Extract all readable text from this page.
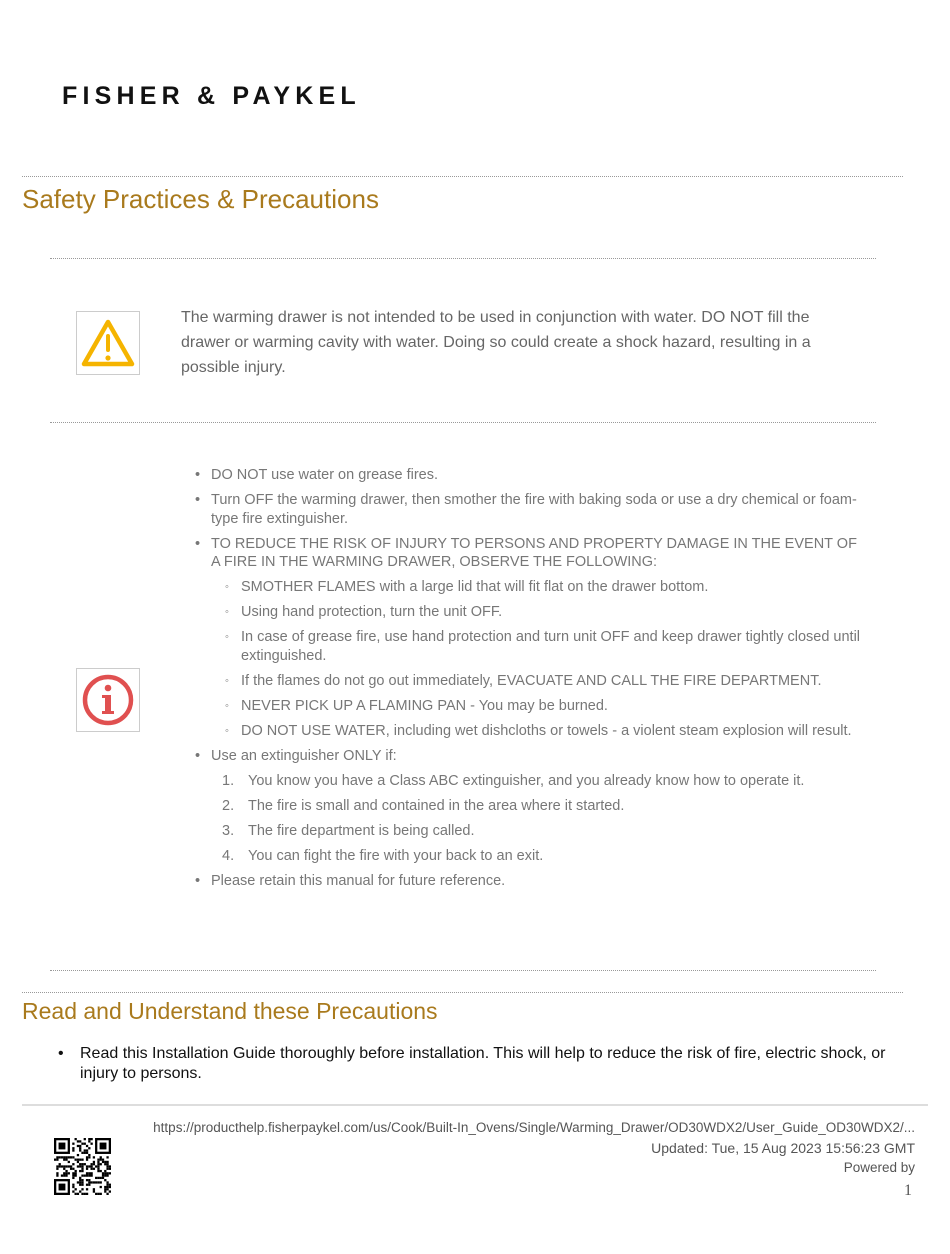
FISHER & PAYKEL
Safety Practices & Precautions
The warming drawer is not intended to be used in conjunction with water. DO NOT fill the drawer or warming cavity with water. Doing so could create a shock hazard, resulting in a possible injury.
• DO NOT use water on grease fires.
• Turn OFF the warming drawer, then smother the fire with baking soda or use a dry chemical or foam-type fire extinguisher.
• TO REDUCE THE RISK OF INJURY TO PERSONS AND PROPERTY DAMAGE IN THE EVENT OF A FIRE IN THE WARMING DRAWER, OBSERVE THE FOLLOWING:
◦ SMOTHER FLAMES with a large lid that will fit flat on the drawer bottom.
◦ Using hand protection, turn the unit OFF.
◦ In case of grease fire, use hand protection and turn unit OFF and keep drawer tightly closed until extinguished.
◦ If the flames do not go out immediately, EVACUATE AND CALL THE FIRE DEPARTMENT.
◦ NEVER PICK UP A FLAMING PAN - You may be burned.
◦ DO NOT USE WATER, including wet dishcloths or towels - a violent steam explosion will result.
• Use an extinguisher ONLY if:
1. You know you have a Class ABC extinguisher, and you already know how to operate it.
2. The fire is small and contained in the area where it started.
3. The fire department is being called.
4. You can fight the fire with your back to an exit.
• Please retain this manual for future reference.
Read and Understand these Precautions
•	Read this Installation Guide thoroughly before installation. This will help to reduce the risk of fire, electric shock, or injury to persons.
https://producthelp.fisherpaykel.com/us/Cook/Built-In_Ovens/Single/Warming_Drawer/OD30WDX2/User_Guide_OD30WDX2/...
Updated: Tue, 15 Aug 2023 15:56:23 GMT
Powered by
1
